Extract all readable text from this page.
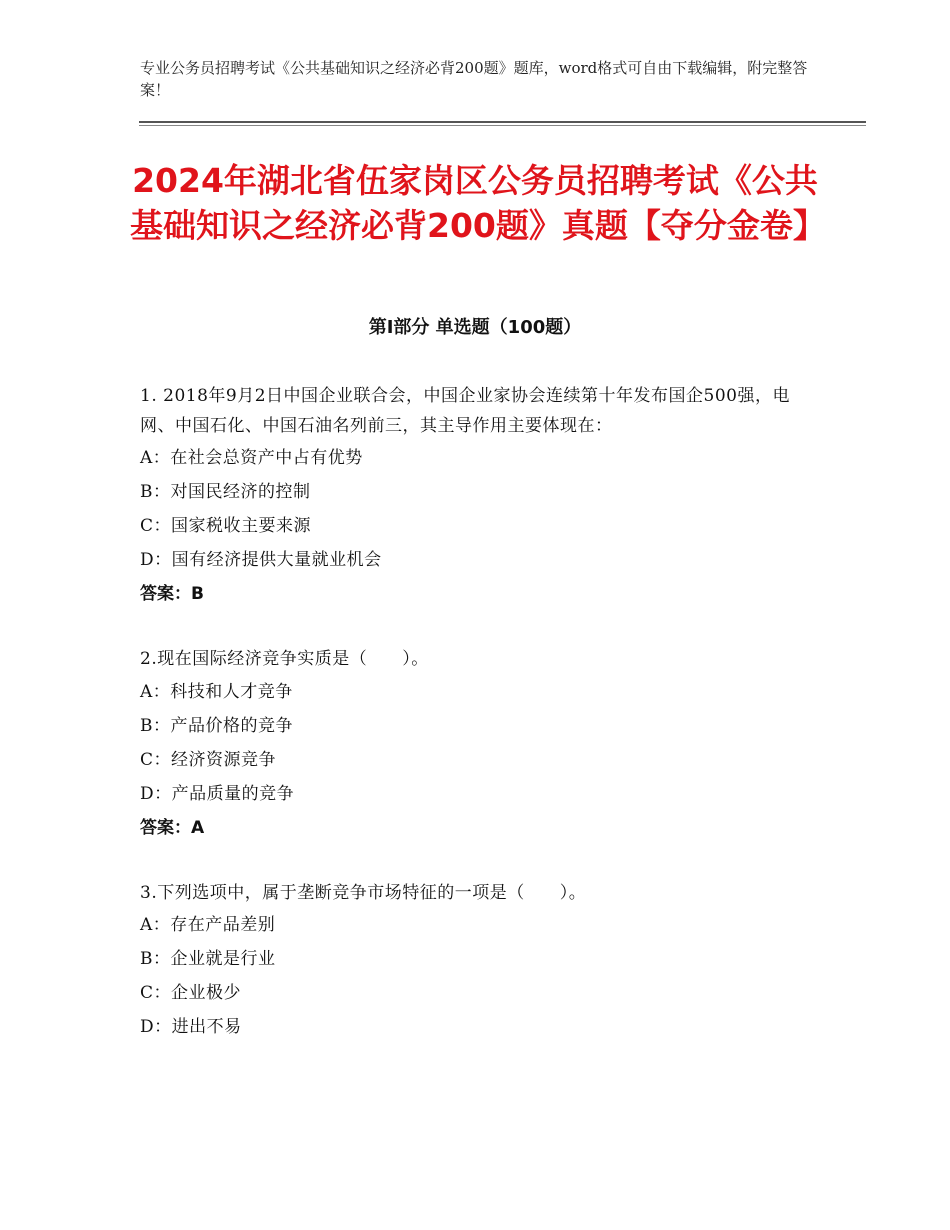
专业公务员招聘考试《公共基础知识之经济必背200题》题库，word格式可自由下载编辑，附完整答案！
2024年湖北省伍家岗区公务员招聘考试《公共基础知识之经济必背200题》真题【夺分金卷】
第Ⅰ部分 单选题（100题）

1. 2018年9月2日中国企业联合会，中国企业家协会连续第十年发布国企500强，电网、中国石化、中国石油名列前三，其主导作用主要体现在：

A：在社会总资产中占有优势

B：对国民经济的控制

C：国家税收主要来源

D：国有经济提供大量就业机会

答案：B

2.现在国际经济竞争实质是（　　）。

A：科技和人才竞争

B：产品价格的竞争

C：经济资源竞争

D：产品质量的竞争

答案：A

3.下列选项中，属于垄断竞争市场特征的一项是（　　）。

A：存在产品差别

B：企业就是行业

C：企业极少

D：进出不易
